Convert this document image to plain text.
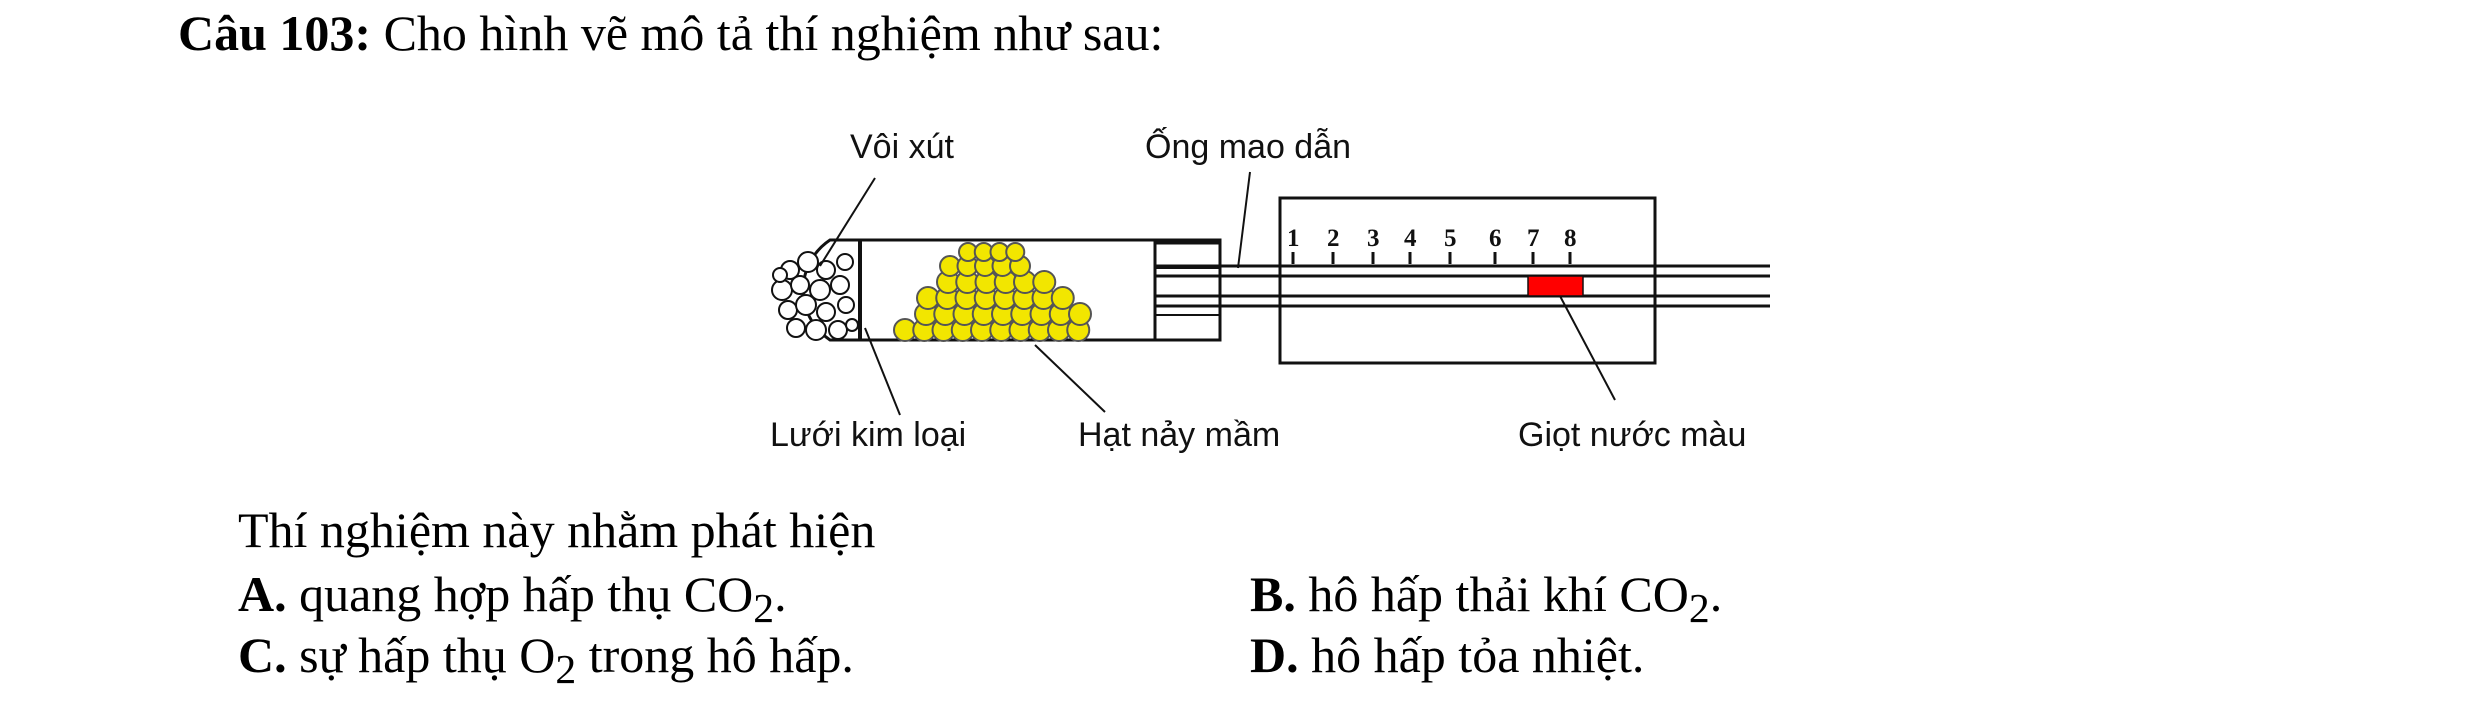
Câu 103: Cho hình vẽ mô tả thí nghiệm như sau:
1 2 3 4 5 6 7 8
Vôi xút	Ống mao dẫn
Lưới kim loại	Hạt nảy mầm	Giọt nước màu
Thí nghiệm này nhằm phát hiện
A. quang hợp hấp thụ $CO_2$.	B. hô hấp thải khí $CO_2$.
C. sự hấp thụ $O_2$ trong hô hấp.	D. hô hấp tỏa nhiệt.
